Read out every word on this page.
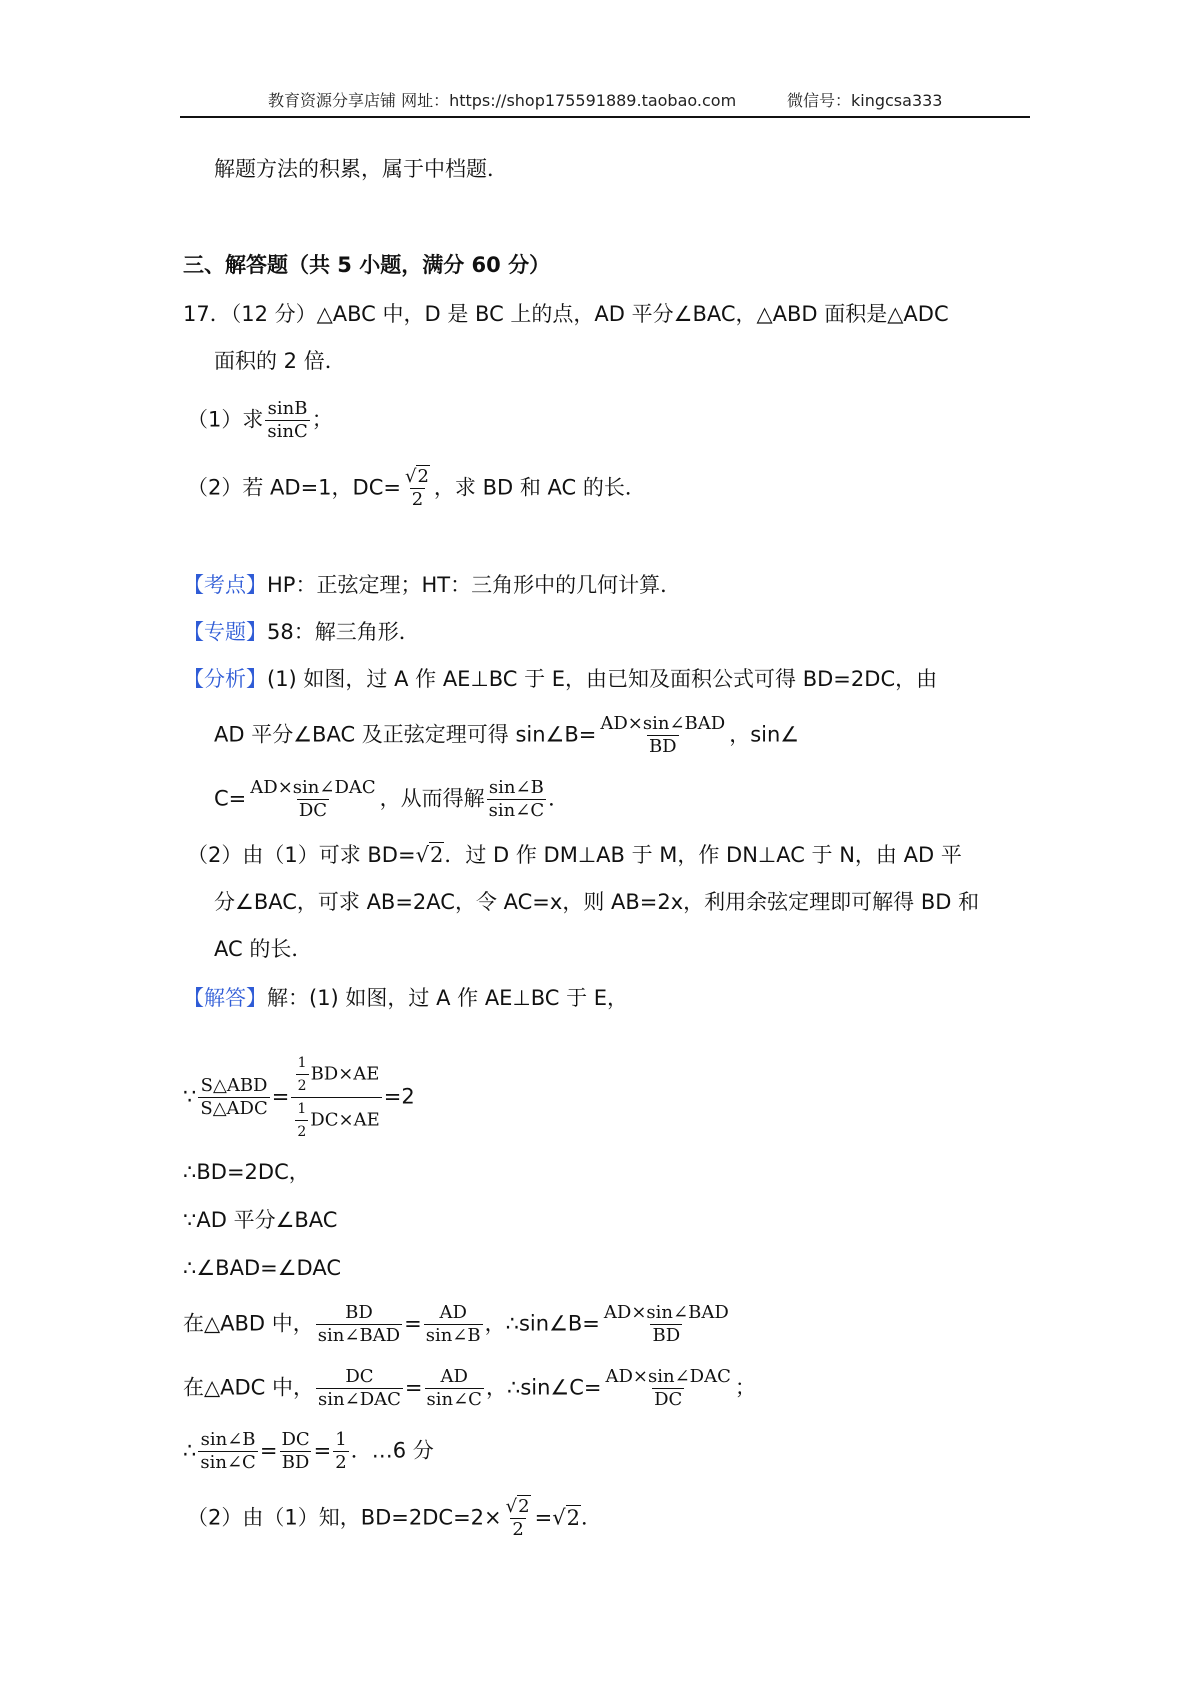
教育资源分享店铺 网址：https://shop175591889.taobao.com	微信号：kingcsa333
解题方法的积累，属于中档题．
三、解答题（共 5 小题，满分 60 分）
17．（12 分）△ABC 中，D 是 BC 上的点，AD 平分∠BAC，△ABD 面积是△ADC
面积的 2 倍．
（1）求 $\frac{\sin B}{\sin C}$ ；
（2）若 AD=1，$DC= \frac{√2}{2}$ ，求 BD 和 AC 的长．
【考点】HP：正弦定理；HT：三角形中的几何计算．
【专题】58：解三角形．
【分析】(1) 如图，过 A 作 AE⊥BC 于 E，由已知及面积公式可得 BD=2DC，由
AD 平分∠BAC 及正弦定理可得 sin∠B= $\frac{\text{AD×sin∠BAD}}{BD}$ ，sin∠
$C= \frac{\text{AD×sin∠DAC}}{DC}$ ，从而得解 $\frac{\sin\angle B}{\sin\angle C}$ ．
（2）由（1）可求 BD=√2．过 D 作 DM⊥AB 于 M，作 DN⊥AC 于 N，由 AD 平
分∠BAC，可求 AB=2AC，令 AC=x，则 AB=2x，利用余弦定理即可解得 BD 和
AC 的长．
【解答】解：(1) 如图，过 A 作 AE⊥BC 于 E，
∵ $\frac{\text{S△ABD}}{\text{S△ADC}} = \frac{\frac{1}{2} BD\times AE}{\frac{1}{2} DC\times AE} =2$
∴BD=2DC，
∵AD 平分∠BAC
∴∠BAD=∠DAC
在△ABD 中， $\frac{BD}{\text{sin∠BAD}} = \frac{AD}{\sin\angle B}$ ，∴sin∠B= $\frac{\text{AD×sin∠BAD}}{BD}$
在△ADC 中， $\frac{DC}{\text{sin∠DAC}} = \frac{AD}{\sin\angle C}$ ，∴sin∠C= $\frac{\text{AD×sin∠DAC}}{DC}$ ；
∴ $\frac{\sin\angle B}{\sin\angle C} = \frac{DC}{BD} = \frac{1}{2}$ ．…6 分
（2）由（1）知，$BD=2DC=2\times \frac{√2}{2} =√2$．
